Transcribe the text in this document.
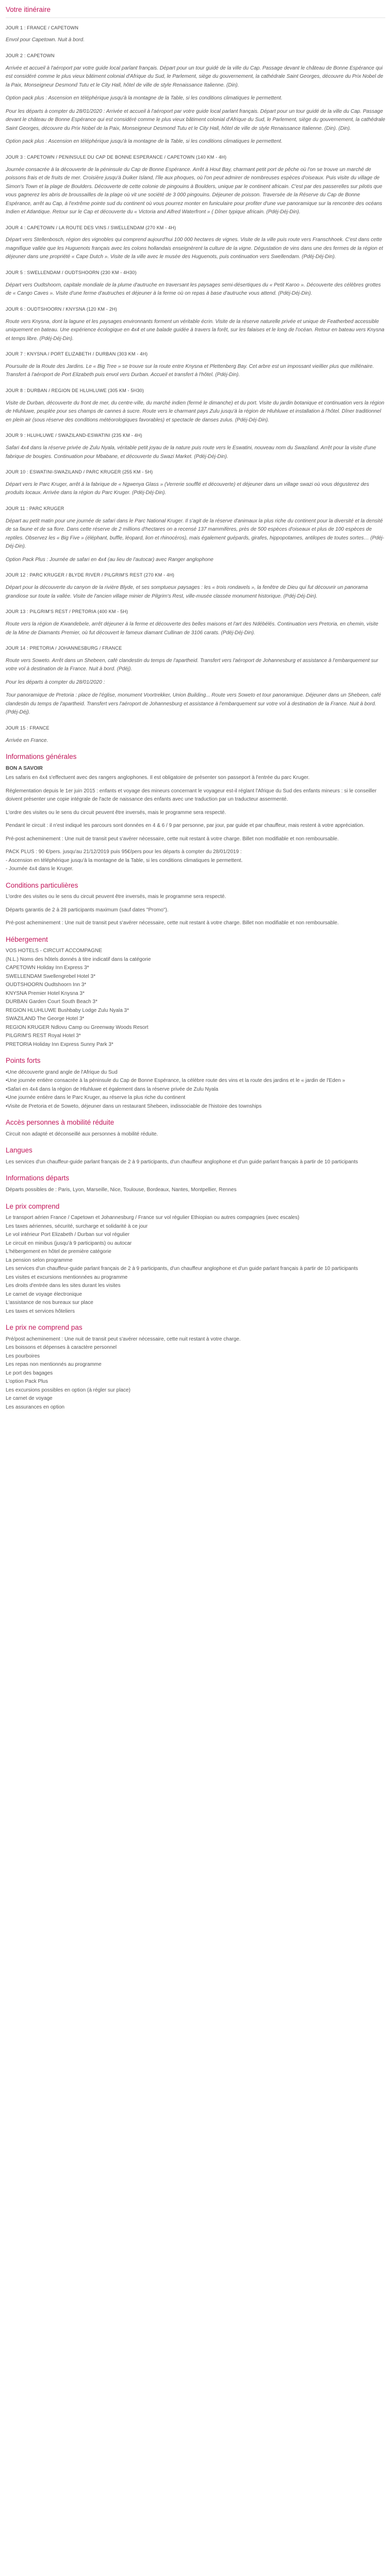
Votre itinéraire
JOUR 1 : FRANCE / CAPETOWN

Envol pour Capetown. Nuit à bord.

JOUR 2 : CAPETOWN

Arrivée et accueil à l'aéroport par votre guide local parlant français. Départ pour un tour guidé de la ville du Cap. Passage devant le château de Bonne Espérance qui est considéré comme le plus vieux bâtiment colonial d'Afrique du Sud, le Parlement, siège du gouvernement, la cathédrale Saint Georges, découvre du Prix Nobel de la Paix, Monseigneur Desmond Tutu et le City Hall, hôtel de ville de style Renaissance Italienne. (Din).

Option pack plus : Ascension en téléphérique jusqu'à la montagne de la Table, si les conditions climatiques le permettent.

Pour les départs à compter du 28/01/2020 : Arrivée et accueil à l'aéroport par votre guide local parlant français. Départ pour un tour guidé de la ville du Cap. Passage devant le château de Bonne Espérance qui est considéré comme le plus vieux bâtiment colonial d'Afrique du Sud, le Parlement, siège du gouvernement, la cathédrale Saint Georges, découvre du Prix Nobel de la Paix, Monseigneur Desmond Tutu et le City Hall, hôtel de ville de style Renaissance Italienne. (Din). (Din).

Option pack plus : Ascension en téléphérique jusqu'à la montagne de la Table, si les conditions climatiques le permettent.

JOUR 3 : CAPETOWN / PENINSULE DU CAP DE BONNE ESPERANCE / CAPETOWN (140 KM - 4H)

Journée consacrée à la découverte de la péninsule du Cap de Bonne Espérance. Arrêt à Hout Bay, charmant petit port de pêche où l'on se trouve un marché de poissons frais et de fruits de mer. Croisière jusqu'à Duiker Island, l'île aux phoques, où l'on peut admirer de nombreuses espèces d'oiseaux. Puis visite du village de Simon's Town et la plage de Boulders. Découverte de cette colonie de pingouins à Boulders, unique par le continent africain. C'est par des passerelles sur pilotis que vous gagnerez les abris de broussailles de la plage où vit une société de 3 000 pingouins. Déjeuner de poisson. Traversée de la Réserve du Cap de Bonne Espérance, arrêt au Cap, à l'extrême pointe sud du continent où vous pourrez monter en funiculaire pour profiter d'une vue panoramique sur la rencontre des océans Indien et Atlantique. Retour sur le Cap et découverte du « Victoria and Alfred Waterfront » ( Dîner typique africain. (Pdéj-Déj-Din).

JOUR 4 : CAPETOWN / LA ROUTE DES VINS / SWELLENDAM (270 KM - 4H)

Départ vers Stellenbosch, région des vignobles qui comprend aujourd'hui 100 000 hectares de vignes. Visite de la ville puis route vers Franschhoek. C'est dans cette magnifique vallée que les Huguenots français avec les colons hollandais enseignèrent la culture de la vigne. Dégustation de vins dans une des fermes de la région et déjeuner dans une propriété « Cape Dutch ». Visite de la ville avec le musée des Huguenots, puis continuation vers Swellendam. (Pdéj-Déj-Din).

JOUR 5 : SWELLENDAM / OUDTSHOORN (230 KM - 4H30)

Départ vers Oudtshoorn, capitale mondiale de la plume d'autruche en traversant les paysages semi-désertiques du « Petit Karoo ». Découverte des célèbres grottes de « Cango Caves ». Visite d'une ferme d'autruches et déjeuner à la ferme où on repas à base d'autruche vous attend. (Pdéj-Déj-Din).

JOUR 6 : OUDTSHOORN / KNYSNA (120 KM - 2H)

Route vers Knysna, dont la lagune et les paysages environnants forment un véritable écrin. Visite de la réserve naturelle privée et unique de Featherbed accessible uniquement en bateau. Une expérience écologique en 4x4 et une balade guidée à travers la forêt, sur les falaises et le long de l'océan. Retour en bateau vers Knysna et temps libre. (Pdéj-Déj-Din).

JOUR 7 : KNYSNA / PORT ELIZABETH / DURBAN (303 KM - 4H)

Poursuite de la Route des Jardins. Le « Big Tree » se trouve sur la route entre Knysna et Plettenberg Bay. Cet arbre est un impossant vieillier plus que millénaire. Transfert à l'aéroport de Port Elizabeth puis envol vers Durban. Accueil et transfert à l'hôtel. (Pdéj-Din).

JOUR 8 : DURBAN / REGION DE HLUHLUWE (305 KM - 5H30)

Visite de Durban, découverte du front de mer, du centre-ville, du marché indien (fermé le dimanche) et du port. Visite du jardin botanique et continuation vers la région de Hluhluwe, peuplée pour ses champs de cannes à sucre. Route vers le charmant pays Zulu jusqu'à la région de Hluhluwe et installation à l'hôtel. Dîner traditionnel en plein air (sous réserve des conditions météorologiques favorables) et spectacle de danses zulus. (Pdéj-Déj-Din).

JOUR 9 : HLUHLUWE / SWAZILAND-ESWATINI (235 KM - 4H)

Safari 4x4 dans la réserve privée de Zulu Nyala, véritable petit joyau de la nature puis route vers le Eswatini, nouveau nom du Swaziland. Arrêt pour la visite d'une fabrique de bougies. Continuation pour Mbabane, et découverte du Swazi Market. (Pdéj-Déj-Din).

JOUR 10 : ESWATINI-SWAZILAND / PARC KRUGER (255 KM - 5H)

Départ vers le Parc Kruger, arrêt à la fabrique de « Ngwenya Glass » (Verrerie soufflé et découverte) et déjeuner dans un village swazi où vous dégusterez des produits locaux. Arrivée dans la région du Parc Kruger. (Pdéj-Déj-Din).

JOUR 11 : PARC KRUGER

Départ au petit matin pour une journée de safari dans le Parc National Kruger. Il s'agit de la réserve d'animaux la plus riche du continent pour la diversité et la densité de sa faune et de sa flore. Dans cette réserve de 2 millions d'hectares on a recensé 137 mammifères, près de 500 espèces d'oiseaux et plus de 100 espèces de reptiles. Observez les « Big Five » (éléphant, buffle, léopard, lion et rhinocéros), mais également guépards, girafes, hippopotames, antilopes de toutes sortes… (Pdéj-Déj-Din).

Option Pack Plus : Journée de safari en 4x4 (au lieu de l'autocar) avec Ranger anglophone

JOUR 12 : PARC KRUGER / BLYDE RIVER / PILGRIM'S REST (270 KM - 4H)

Départ pour la découverte du canyon de la rivière Blyde, et ses somptueux paysages : les « trois rondavels », la fenêtre de Dieu qui fut découvrir un panorama grandiose sur toute la vallée. Visite de l'ancien village minier de Pilgrim's Rest, ville-musée classée monument historique. (Pdéj-Déj-Din).

JOUR 13 : PILGRIM'S REST / PRETORIA (400 KM - 5H)

Route vers la région de Kwandebele, arrêt déjeuner à la ferme et découverte des belles maisons et l'art des Ndébélés. Continuation vers Pretoria, en chemin, visite de la Mine de Diamants Premier, où fut découvert le fameux diamant Cullinan de 3106 carats. (Pdéj-Déj-Din).

JOUR 14 : PRETORIA / JOHANNESBURG / FRANCE

Route vers Soweto. Arrêt dans un Shebeen, café clandestin du temps de l'apartheid. Transfert vers l'aéroport de Johannesburg et assistance à l'embarquement sur votre vol à destination de la France. Nuit à bord. (Pdéj).

Pour les départs à compter du 28/01/2020 :

Tour panoramique de Pretoria : place de l'église, monument Voortrekker, Union Building... Route vers Soweto et tour panoramique. Déjeuner dans un Shebeen, café clandestin du temps de l'apartheid. Transfert vers l'aéroport de Johannesburg et assistance à l'embarquement sur votre vol à destination de la France. Nuit à bord. (Pdéj-Déj).

JOUR 15 : FRANCE

Arrivée en France.

Informations générales
BON A SAVOIR

Les safaris en 4x4 s'effectuent avec des rangers anglophones. Il est obligatoire de présenter son passeport à l'entrée du parc Kruger.

Réglementation depuis le 1er juin 2015 : enfants et voyage des mineurs concernant le voyageur est-il réglant l'Afrique du Sud des enfants mineurs : si le conseiller doivent présenter une copie intégrale de l'acte de naissance des enfants avec une traduction par un traducteur assermenté.

L'ordre des visites ou le sens du circuit peuvent être inversés, mais le programme sera respecté.

Pendant le circuit : il n'est indiqué les parcours sont données en 4 & 6 / 9 par personne, par jour, par guide et par chauffeur, mais restent à votre appréciation.

Pré-post acheminement : Une nuit de transit peut s'avérer nécessaire, cette nuit restant à votre charge. Billet non modifiable et non remboursable.

PACK PLUS : 90 €/pers. jusqu'au 21/12/2019 puis 95€/pers pour les départs à compter du 28/01/2019 :
- Ascension en téléphérique jusqu'à la montagne de la Table, si les conditions climatiques le permettent.
- Journée 4x4 dans le Kruger.

Conditions particulières

L'ordre des visites ou le sens du circuit peuvent être inversés, mais le programme sera respecté.

Départs garantis de 2 à 28 participants maximum (sauf dates "Promo").

Pré-post acheminement : Une nuit de transit peut s'avérer nécessaire, cette nuit restant à votre charge. Billet non modifiable et non remboursable.

Hébergement
VOS HOTELS - CIRCUIT ACCOMPAGNE
(N.L.) Noms des hôtels donnés à titre indicatif dans la catégorie
CAPETOWN Holiday Inn Express 3*
SWELLENDAM Swellengrebel Hotel 3*
OUDTSHOORN Oudtshoorn Inn 3*
KNYSNA Premier Hotel Knysna 3*
DURBAN Garden Court South Beach 3*
REGION HLUHLUWE Bushbaby Lodge Zulu Nyala 3*
SWAZILAND The George Hotel 3*
REGION KRUGER Ndlovu Camp ou Greenway Woods Resort
PILGRIM'S REST Royal Hotel 3*
PRETORIA Holiday Inn Express Sunny Park 3*
Points forts
• Une découverte grand angle de l'Afrique du Sud
• Une journée entière consacrée à la péninsule du Cap de Bonne Espérance, la célèbre route des vins et la route des jardins et le « jardin de l'Eden »
• Safari en 4x4 dans la région de Hluhluwe et également dans la réserve privée de Zulu Nyala
• Une journée entière dans le Parc Kruger, au réserve la plus riche du continent
• Visite de Pretoria et de Soweto, déjeuner dans un restaurant Shebeen, indissociable de l'histoire des townships
Accès personnes à mobilité réduite

Circuit non adapté et déconseillé aux personnes à mobilité réduite.

Langues

Les services d'un chauffeur-guide parlant français de 2 à 9 participants, d'un chauffeur anglophone et d'un guide parlant français à partir de 10 participants

Informations départs

Départs possibles de : Paris, Lyon, Marseille, Nice, Toulouse, Bordeaux, Nantes, Montpellier, Rennes

Le prix comprend
Le transport aérien France / Capetown et Johannesburg / France sur vol régulier Ethiopian ou autres compagnies (avec escales)
Les taxes aériennes, sécurité, surcharge et solidarité à ce jour
Le vol intérieur Port Elizabeth / Durban sur vol régulier
Le circuit en minibus (jusqu'à 9 participants) ou autocar
L'hébergement en hôtel de première catégorie
La pension selon programme
Les services d'un chauffeur-guide parlant français de 2 à 9 participants, d'un chauffeur anglophone et d'un guide parlant français à partir de 10 participants
Les visites et excursions mentionnées au programme
Les droits d'entrée dans les sites durant les visites
Le carnet de voyage électronique
L'assistance de nos bureaux sur place
Les taxes et services hôteliers
Le prix ne comprend pas
Pré/post acheminement : Une nuit de transit peut s'avérer nécessaire, cette nuit restant à votre charge.
Les boissons et dépenses à caractère personnel
Les pourboires
Les repas non mentionnés au programme
Le port des bagages
L'option Pack Plus
Les excursions possibles en option (à régler sur place)
Le carnet de voyage
Les assurances en option
